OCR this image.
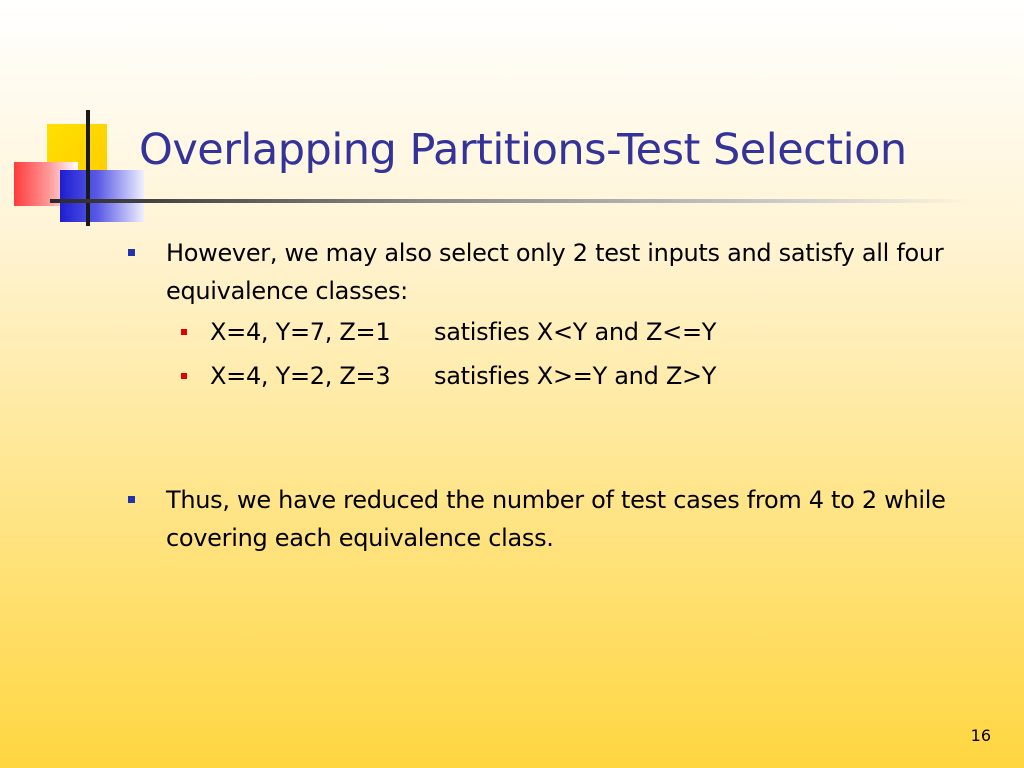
Overlapping Partitions-Test Selection
However, we may also select only 2 test inputs and satisfy all four equivalence classes:
X=4, Y=7, Z=1 satisfies X<Y and Z<=Y
X=4, Y=2, Z=3 satisfies X>=Y and Z>Y
Thus, we have reduced the number of test cases from 4 to 2 while covering each equivalence class.
16
